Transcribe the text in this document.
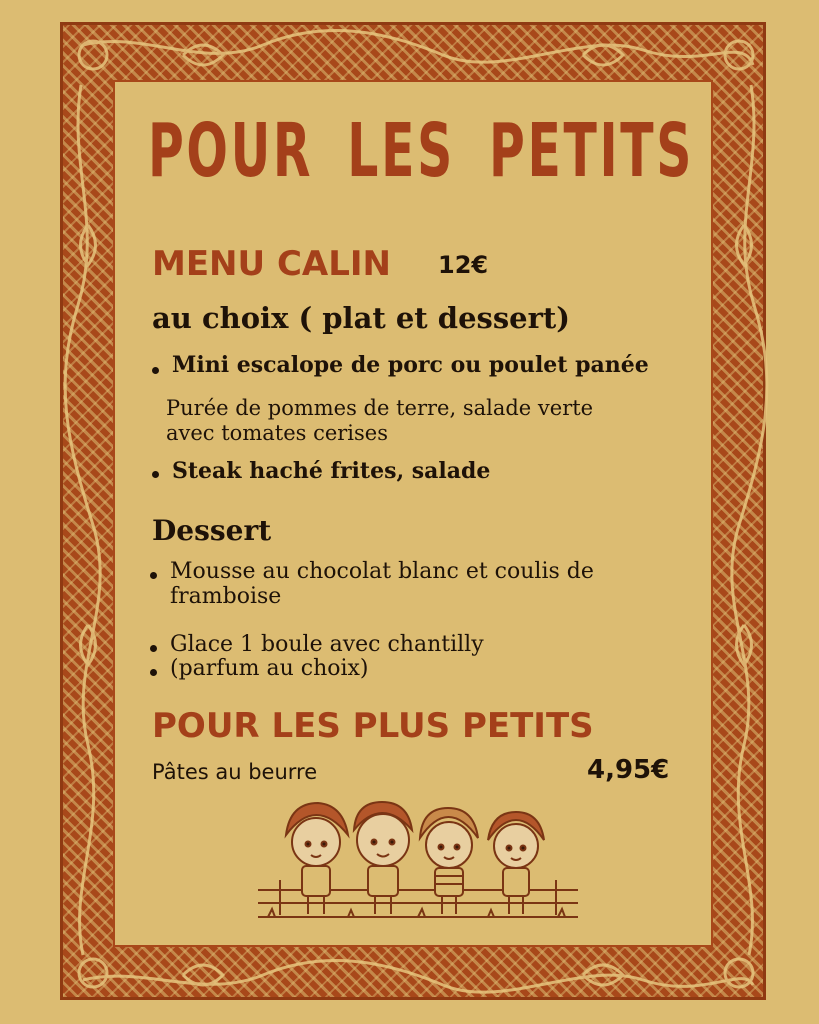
POUR LES PETITS
MENU CALIN 12€
au choix ( plat et dessert)
Mini escalope de porc ou poulet panée
Purée de pommes de terre, salade verte
avec tomates cerises
Steak haché frites, salade
Dessert
Mousse au chocolat blanc et coulis de
framboise
Glace 1 boule avec chantilly
(parfum au choix)
POUR LES PLUS PETITS
Pâtes au beurre	4,95€
